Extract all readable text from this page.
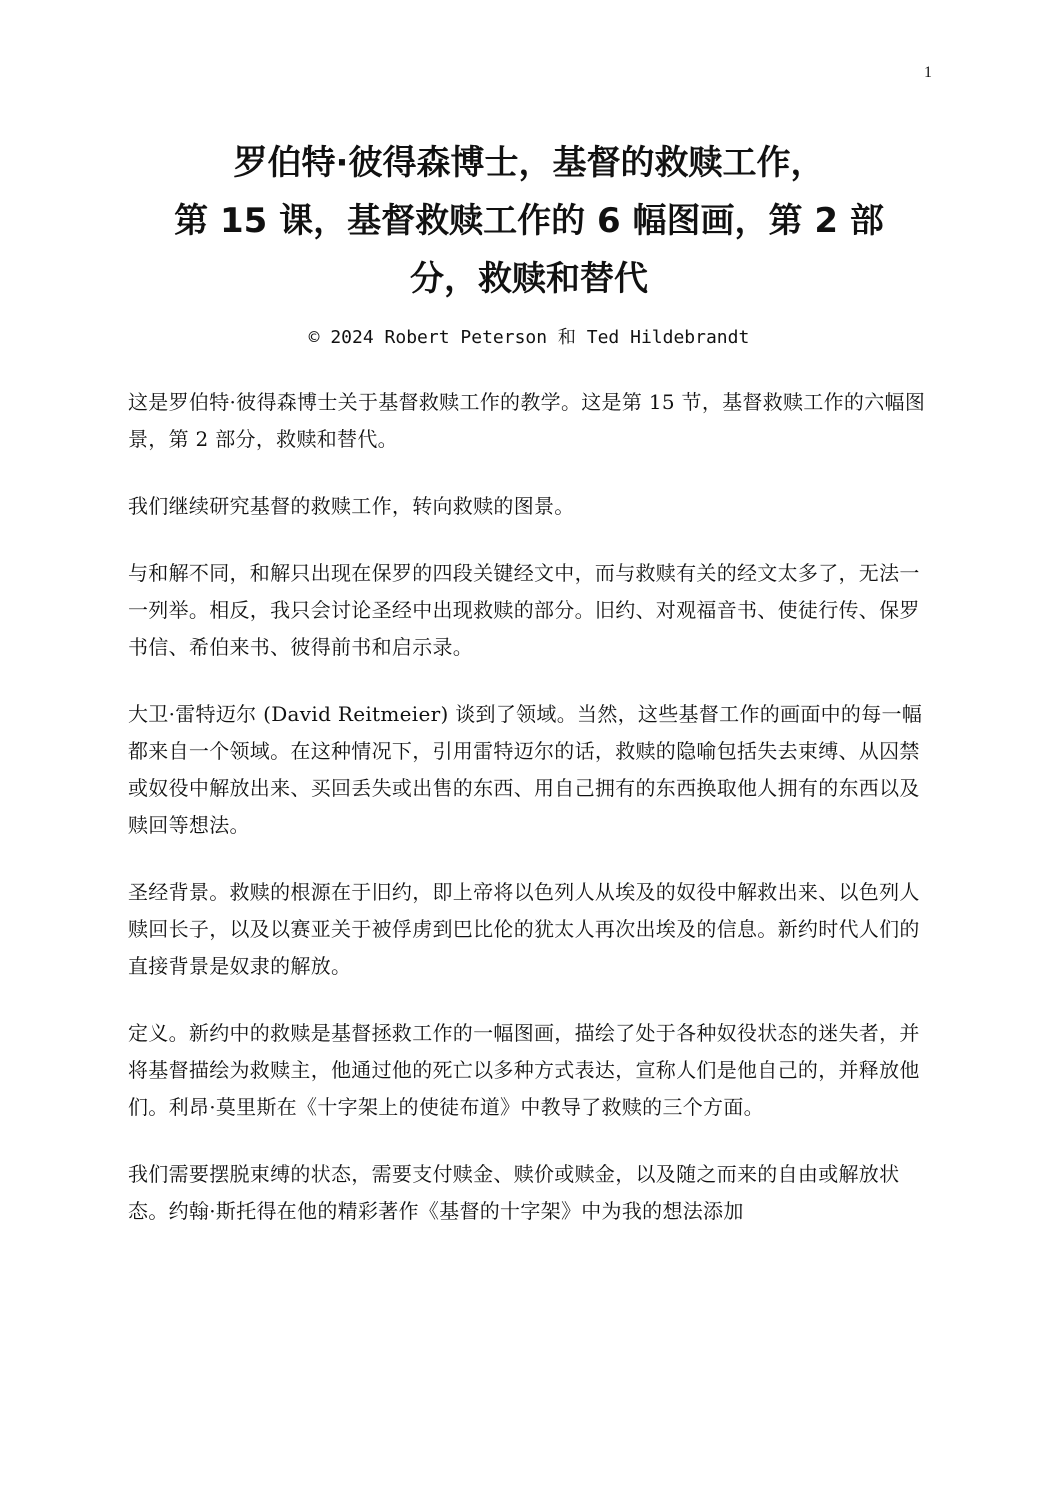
1
罗伯特·彼得森博士，基督的救赎工作，
第 15 课，基督救赎工作的 6 幅图画，第 2 部
分，救赎和替代
© 2024 Robert Peterson 和 Ted Hildebrandt

这是罗伯特·彼得森博士关于基督救赎工作的教学。这是第 15 节，基督救赎工作的六幅图景，第 2 部分，救赎和替代。

我们继续研究基督的救赎工作，转向救赎的图景。

与和解不同，和解只出现在保罗的四段关键经文中，而与救赎有关的经文太多了，无法一一列举。相反，我只会讨论圣经中出现救赎的部分。旧约、对观福音书、使徒行传、保罗书信、希伯来书、彼得前书和启示录。

大卫·雷特迈尔 (David Reitmeier) 谈到了领域。当然，这些基督工作的画面中的每一幅都来自一个领域。在这种情况下，引用雷特迈尔的话，救赎的隐喻包括失去束缚、从囚禁或奴役中解放出来、买回丢失或出售的东西、用自己拥有的东西换取他人拥有的东西以及赎回等想法。

圣经背景。救赎的根源在于旧约，即上帝将以色列人从埃及的奴役中解救出来、以色列人赎回长子，以及以赛亚关于被俘虏到巴比伦的犹太人再次出埃及的信息。新约时代人们的直接背景是奴隶的解放。

定义。新约中的救赎是基督拯救工作的一幅图画，描绘了处于各种奴役状态的迷失者，并将基督描绘为救赎主，他通过他的死亡以多种方式表达，宣称人们是他自己的，并释放他们。利昂·莫里斯在《十字架上的使徒布道》中教导了救赎的三个方面。

我们需要摆脱束缚的状态，需要支付赎金、赎价或赎金，以及随之而来的自由或解放状态。约翰·斯托得在他的精彩著作《基督的十字架》中为我的想法添加
